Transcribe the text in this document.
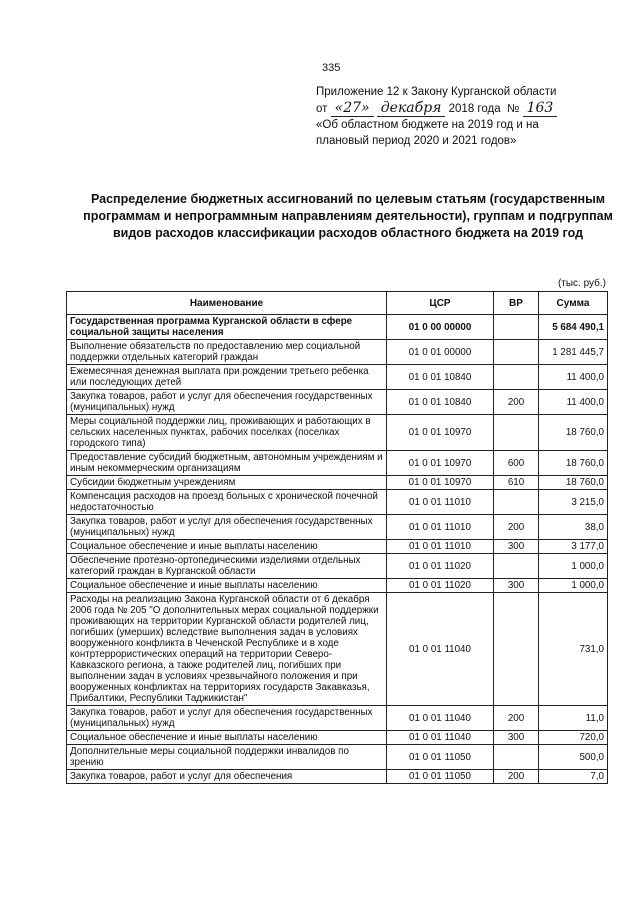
335
Приложение 12 к Закону Курганской области
от «27» декабря 2018 года № 163
«Об областном бюджете на 2019 год и на
плановый период 2020 и 2021 годов»
Распределение бюджетных ассигнований по целевым статьям (государственным программам и непрограммным направлениям деятельности), группам и подгруппам видов расходов классификации расходов областного бюджета на 2019 год
(тыс. руб.)
Наименование	ЦСР	ВР	Сумма
Государственная программа Курганской области в сфере социальной защиты населения	01 0 00 00000		5 684 490,1
Выполнение обязательств по предоставлению мер социальной поддержки отдельных категорий граждан	01 0 01 00000		1 281 445,7
Ежемесячная денежная выплата при рождении третьего ребенка или последующих детей	01 0 01 10840		11 400,0
Закупка товаров, работ и услуг для обеспечения государственных (муниципальных) нужд	01 0 01 10840	200	11 400,0
Меры социальной поддержки лиц, проживающих и работающих в сельских населенных пунктах, рабочих поселках (поселках городского типа)	01 0 01 10970		18 760,0
Предоставление субсидий бюджетным, автономным учреждениям и иным некоммерческим организациям	01 0 01 10970	600	18 760,0
Субсидии бюджетным учреждениям	01 0 01 10970	610	18 760,0
Компенсация расходов на проезд больных с хронической почечной недостаточностью	01 0 01 11010		3 215,0
Закупка товаров, работ и услуг для обеспечения государственных (муниципальных) нужд	01 0 01 11010	200	38,0
Социальное обеспечение и иные выплаты населению	01 0 01 11010	300	3 177,0
Обеспечение протезно-ортопедическими изделиями отдельных категорий граждан в Курганской области	01 0 01 11020		1 000,0
Социальное обеспечение и иные выплаты населению	01 0 01 11020	300	1 000,0
Расходы на реализацию Закона Курганской области от 6 декабря 2006 года № 205 "О дополнительных мерах социальной поддержки проживающих на территории Курганской области родителей лиц, погибших (умерших) вследствие выполнения задач в условиях вооруженного конфликта в Чеченской Республике и в ходе контртеррористических операций на территории Северо-Кавказского региона, а также родителей лиц, погибших при выполнении задач в условиях чрезвычайного положения и при вооруженных конфликтах на территориях государств Закавказья, Прибалтики, Республики Таджикистан"	01 0 01 11040		731,0
Закупка товаров, работ и услуг для обеспечения государственных (муниципальных) нужд	01 0 01 11040	200	11,0
Социальное обеспечение и иные выплаты населению	01 0 01 11040	300	720,0
Дополнительные меры социальной поддержки инвалидов по зрению	01 0 01 11050		500,0
Закупка товаров, работ и услуг для обеспечения	01 0 01 11050	200	7,0
